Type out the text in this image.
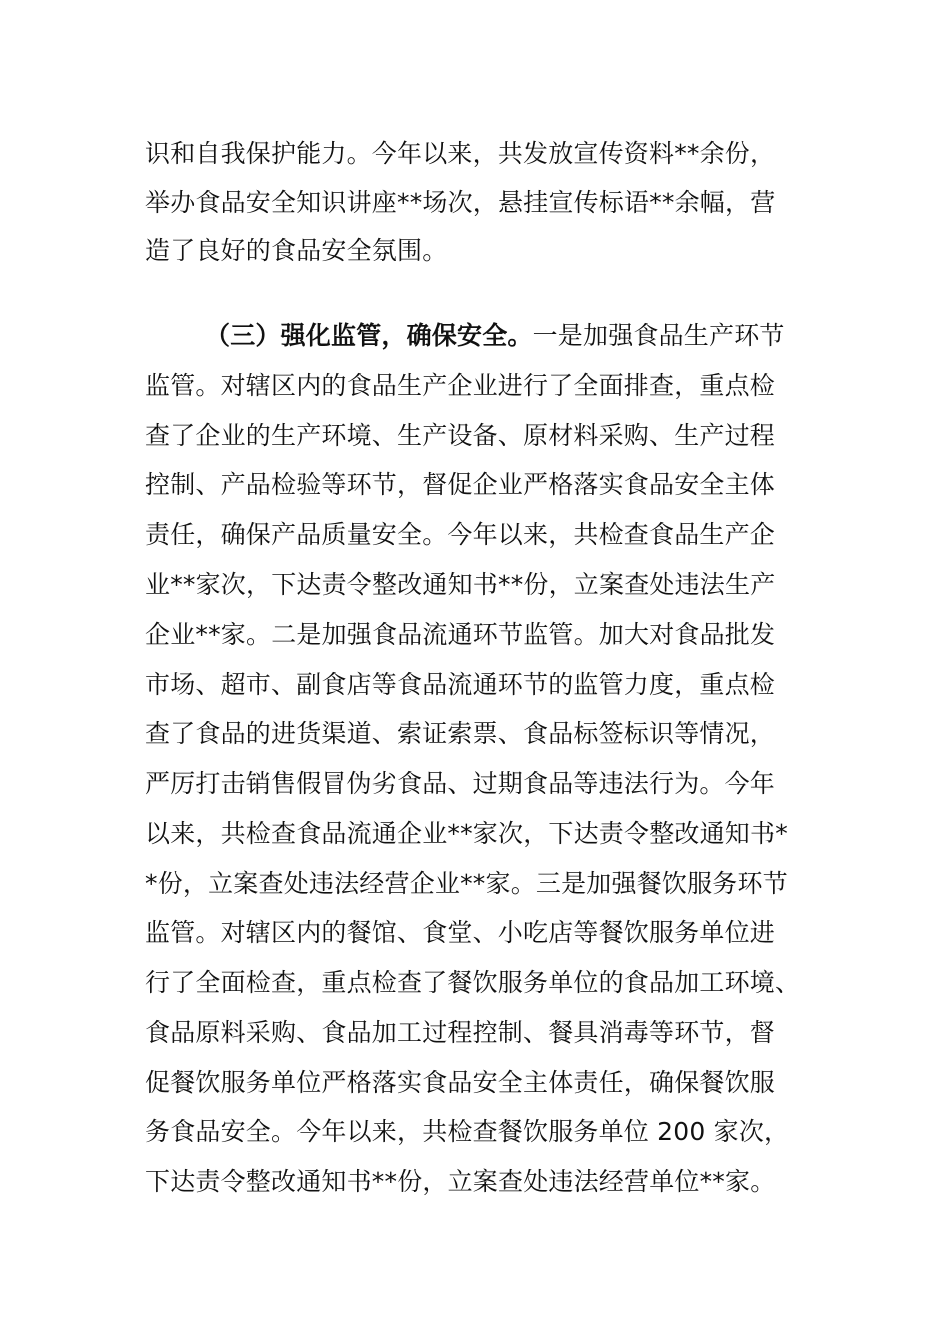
识和自我保护能力。今年以来，共发放宣传资料**余份，
举办食品安全知识讲座**场次，悬挂宣传标语**余幅，营
造了良好的食品安全氛围。
（三）强化监管，确保安全。一是加强食品生产环节
监管。对辖区内的食品生产企业进行了全面排查，重点检
查了企业的生产环境、生产设备、原材料采购、生产过程
控制、产品检验等环节，督促企业严格落实食品安全主体
责任，确保产品质量安全。今年以来，共检查食品生产企
业**家次，下达责令整改通知书**份，立案查处违法生产
企业**家。二是加强食品流通环节监管。加大对食品批发
市场、超市、副食店等食品流通环节的监管力度，重点检
查了食品的进货渠道、索证索票、食品标签标识等情况，
严厉打击销售假冒伪劣食品、过期食品等违法行为。今年
以来，共检查食品流通企业**家次，下达责令整改通知书*
*份，立案查处违法经营企业**家。三是加强餐饮服务环节
监管。对辖区内的餐馆、食堂、小吃店等餐饮服务单位进
行了全面检查，重点检查了餐饮服务单位的食品加工环境、
食品原料采购、食品加工过程控制、餐具消毒等环节，督
促餐饮服务单位严格落实食品安全主体责任，确保餐饮服
务食品安全。今年以来，共检查餐饮服务单位 200 家次，
下达责令整改通知书**份，立案查处违法经营单位**家。
